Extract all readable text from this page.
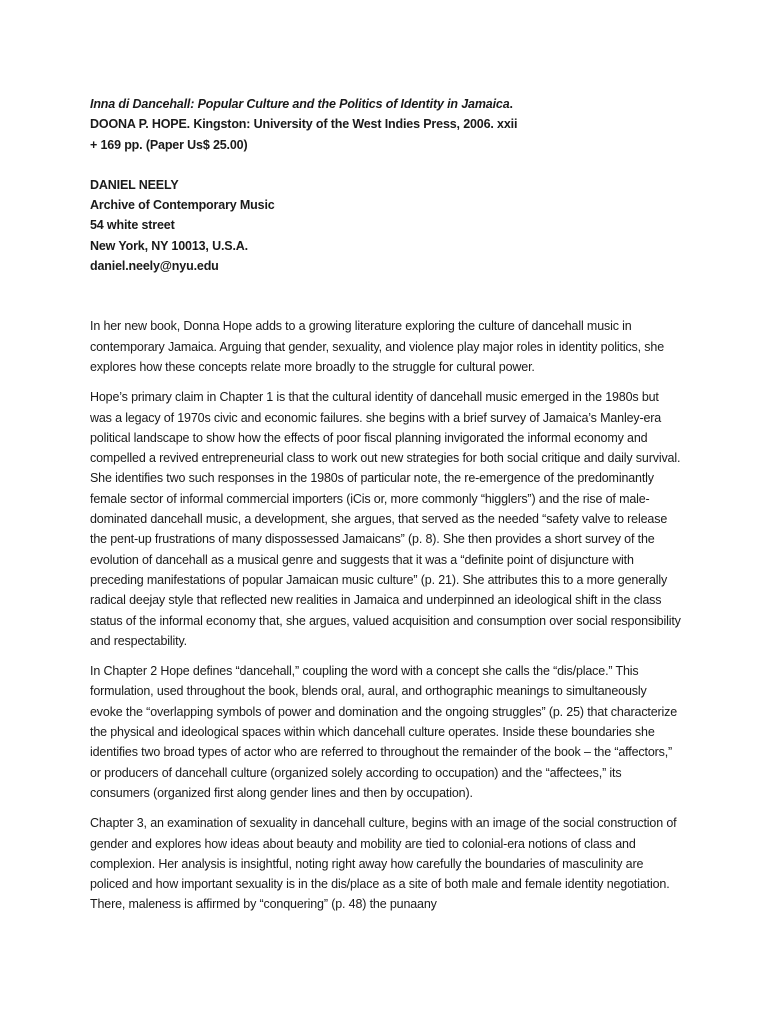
Inna di Dancehall: Popular Culture and the Politics of Identity in Jamaica.

DOONA P. HOPE. Kingston: University of the West Indies Press, 2006. xxii

+ 169 pp. (Paper Us$ 25.00)

DANIEL NEELY

Archive of Contemporary Music

54 white street

New York, NY 10013, U.S.A.

daniel.neely@nyu.edu

In her new book, Donna Hope adds to a growing literature exploring the culture of dancehall music in contemporary Jamaica. Arguing that gender, sexuality, and violence play major roles in identity politics, she explores how these concepts relate more broadly to the struggle for cultural power.

Hope’s primary claim in Chapter 1 is that the cultural identity of dancehall music emerged in the 1980s but was a legacy of 1970s civic and economic failures. she begins with a brief survey of Jamaica’s Manley-era political landscape to show how the effects of poor fiscal planning invigorated the informal economy and compelled a revived entrepreneurial class to work out new strategies for both social critique and daily survival. She identifies two such responses in the 1980s of particular note, the re-emergence of the predominantly female sector of informal commercial importers (iCis or, more commonly “higglers”) and the rise of male-dominated dancehall music, a development, she argues, that served as the needed “safety valve to release the pent-up frustrations of many dispossessed Jamaicans” (p. 8). She then provides a short survey of the evolution of dancehall as a musical genre and suggests that it was a “definite point of disjuncture with preceding manifestations of popular Jamaican music culture” (p. 21). She attributes this to a more generally radical deejay style that reflected new realities in Jamaica and underpinned an ideological shift in the class status of the informal economy that, she argues, valued acquisition and consumption over social responsibility and respectability.

In Chapter 2 Hope defines “dancehall,” coupling the word with a concept she calls the “dis/place.” This formulation, used throughout the book, blends oral, aural, and orthographic meanings to simultaneously evoke the “overlapping symbols of power and domination and the ongoing struggles” (p. 25) that characterize the physical and ideological spaces within which dancehall culture operates. Inside these boundaries she identifies two broad types of actor who are referred to throughout the remainder of the book – the “affectors,” or producers of dancehall culture (organized solely according to occupation) and the “affectees,” its consumers (organized first along gender lines and then by occupation).

Chapter 3, an examination of sexuality in dancehall culture, begins with an image of the social construction of gender and explores how ideas about beauty and mobility are tied to colonial-era notions of class and complexion. Her analysis is insightful, noting right away how carefully the boundaries of masculinity are policed and how important sexuality is in the dis/place as a site of both male and female identity negotiation. There, maleness is affirmed by “conquering” (p. 48) the punaany
